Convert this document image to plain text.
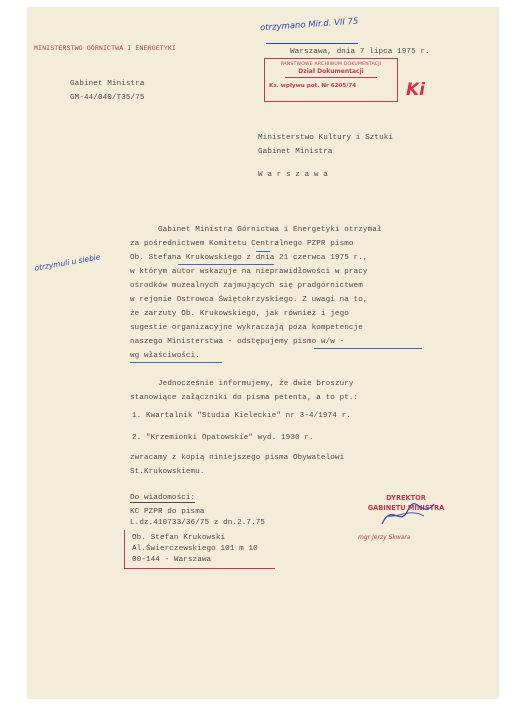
MINISTERSTWO GÓRNICTWA I ENERGETYKI
Gabinet Ministra
GM-44/040/T35/75
otrzymano Mir.d. VII 75
Warszawa, dnia 7 lipca 1975 r.
PAŃSTWOWE ARCHIWUM DOKUMENTACJI
Dział Dokumentacji
Ks. wpływu pot. Nr 6205/74	Ki
Ministerstwo Kultury i Sztuki
Gabinet Ministra
W a r s z a w a
otrzymuli u siebie
Gabinet Ministra Górnictwa i Energetyki otrzymał
za pośrednictwem Komitetu Centralnego PZPR pismo
Ob. Stefana Krukowskiego z dnia 21 czerwca 1975 r.,
w którym autor wskazuje na nieprawidłowości w pracy
ośrodków muzealnych zajmujących się pradgórnictwem
w rejonie Ostrowca Świętokrzyskiego. Z uwagi na to,
że zarzuty Ob. Krukowskiego, jak również i jego
sugestie organizacyjne wykraczają poza kompetencje
naszego Ministerstwa - odstępujemy pismo w/w -
wg właściwości.
Jednocześnie informujemy, że dwie broszury
stanowiące załączniki do pisma petenta, a to pt.:
1. Kwartalnik "Studia Kieleckie" nr 3-4/1974 r.
2. "Krzemionki Opatowskie" wyd. 1930 r.
zwracamy z kopią niniejszego pisma Obywatelowi
St.Krukowskiemu.
Do wiadomości:
KC PZPR do pisma
L.dz.410733/36/75 z dn.2.7.75
Ob. Stefan Krukowski
Al.Świerczewskiego 101 m 10
00-144 - Warszawa
DYREKTOR
GABINETU MINISTRA
mgr Jerzy Skwara
